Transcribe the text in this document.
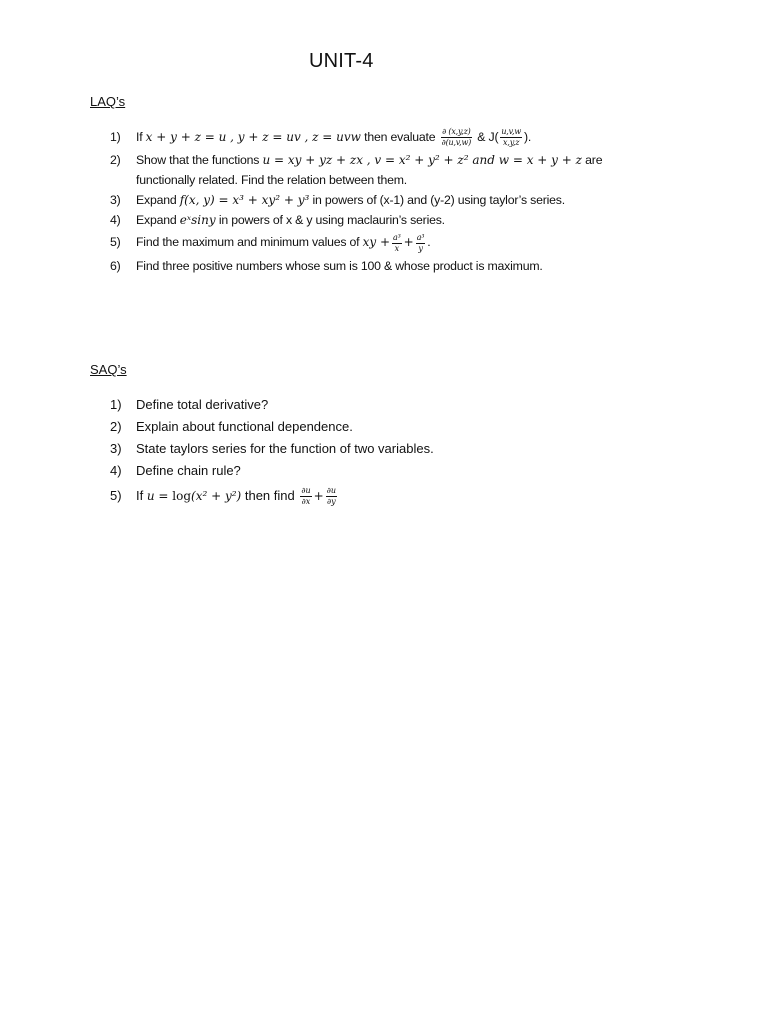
UNIT-4
LAQ’s
1)	If x + y + z = u , y + z = uv , z = uvw then evaluate $\frac{\partial (x,y,z)}{\partial(u,v,w)}$ & $J( \frac{u,v,w}{x,y,z}$ ).
2)	Show that the functions u = xy + yz + zx , v = x² + y² + z² and w = x + y + z are
functionally related. Find the relation between them.
3)	Expand f(x, y) = x³ + xy² + y³ in powers of (x-1) and (y-2) using taylor’s series.
4)	Expand eˣsiny in powers of x & y using maclaurin’s series.
5)	Find the maximum and minimum values of xy + $\frac{\text{a³}}{x} + \frac{\text{a³}}{y}$ .
6)	Find three positive numbers whose sum is 100 & whose product is maximum.
SAQ’s
1)	Define total derivative?
2)	Explain about functional dependence.
3)	State taylors series for the function of two variables.
4)	Define chain rule?
5)	If u = log(x² + y²) then find $\frac{\partial u}{\partial x} + \frac{\partial u}{\partial y}$
